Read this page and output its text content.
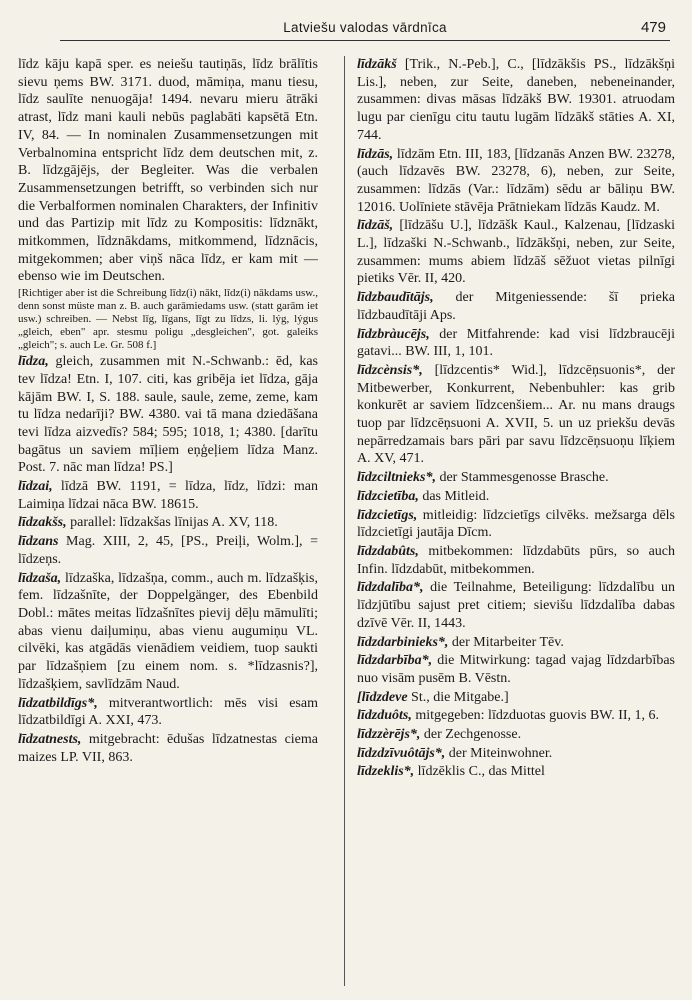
Latviešu valodas vārdnīca	479

līdz kāju kapā sper. es neiešu tautiņās, līdz brālītis sievu ņems BW. 3171. duod, māmiņa, manu tiesu, līdz saulīte nenuogāja! 1494. nevaru mieru ātrāki atrast, līdz mani kauli nebūs paglabāti kapsētā Etn. IV, 84. — In nominalen Zusammensetzungen mit Verbalnomina entspricht līdz dem deutschen mit, z. B. līdzgājējs, der Begleiter. Was die verbalen Zusammensetzungen betrifft, so verbinden sich nur die Verbalformen nominalen Charakters, der Infinitiv und das Partizip mit līdz zu Kompositis: līdznākt, mitkommen, līdznākdams, mitkommend, līdznācis, mitgekommen; aber viņš nāca līdz, er kam mit — ebenso wie im Deutschen.

[Richtiger aber ist die Schreibung līdz(i) nākt, līdz(i) nākdams usw., denn sonst müste man z. B. auch garāmiedams usw. (statt garām iet usw.) schreiben. — Nebst līg, līgans, līgt zu līdzs, li. lýg, lýgus „gleich, eben" apr. stesmu poligu „desgleichen", got. galeiks „gleich"; s. auch Le. Gr. 508 f.]

līdza, gleich, zusammen mit N.-Schwanb.: ēd, kas tev līdza! Etn. I, 107. citi, kas gribēja iet līdza, gāja kājām BW. I, S. 188. saule, saule, zeme, zeme, kam tu līdza nedarīji? BW. 4380. vai tā mana dziedāšana tevi līdza aizvedīs? 584; 595; 1018, 1; 4380. [darītu bagātus un saviem mīļiem eņģeļiem līdza Manz. Post. 7. nāc man līdza! PS.]

līdzai, līdzā BW. 1191, = līdza, līdz, līdzi: man Laimiņa līdzai nāca BW. 18615.

līdzakšs, parallel: līdzakšas līnijas A. XV, 118.

līdzans Mag. XIII, 2, 45, [PS., Preiļi, Wolm.], = līdzeņs.

līdzaša, līdzaška, līdzašņa, comm., auch m. līdzašķis, fem. līdzašnīte, der Doppelgänger, des Ebenbild Dobl.: mātes meitas līdzašnītes pievij dēļu māmulīti; abas vienu daiļumiņu, abas vienu augumiņu VL. cilvēki, kas atgādās vienādiem veidiem, tuop saukti par līdzašņiem [zu einem nom. s. *līdzasnis?], līdzašķiem, savlīdzām Naud.

līdzatbildīgs*, mitverantwortlich: mēs visi esam līdzatbildīgi A. XXI, 473.

līdzatnests, mitgebracht: ēdušas līdzatnestas ciema maizes LP. VII, 863.

līdzākš [Trik., N.-Peb.], C., [līdzākšis PS., līdzākšņi Lis.], neben, zur Seite, daneben, nebeneinander, zusammen: divas māsas līdzākš BW. 19301. atruodam lugu par cienīgu citu tautu lugām līdzākš stāties A. XI, 744.

līdzās, līdzām Etn. III, 183, [līdzanās Anzen BW. 23278, (auch līdzavēs BW. 23278, 6), neben, zur Seite, zusammen: līdzās (Var.: līdzām) sēdu ar bāliņu BW. 12016. Uolīniete stāvēja Prātniekam līdzās Kaudz. M.

līdzāš, [līdzāšu U.], līdzāšk Kaul., Kalzenau, [līdzaski L.], līdzaški N.-Schwanb., līdzākšņi, neben, zur Seite, zusammen: mums abiem līdzāš sēžuot vietas pilnīgi pietiks Vēr. II, 420.

līdzbaudītājs, der Mitgeniessende: šī prieka līdzbaudītāji Aps.

līdzbràucējs, der Mitfahrende: kad visi līdzbraucēji gatavi... BW. III, 1, 101.

līdzcènsis*, [līdzcentis* Wid.], līdzcēņsuonis*, der Mitbewerber, Konkurrent, Nebenbuhler: kas grib konkurēt ar saviem līdzcenšiem... Ar. nu mans draugs tuop par līdzcēņsuoni A. XVII, 5. un uz priekšu devās nepārredzamais bars pāri par savu līdzcēņsuoņu līķiem A. XV, 471.

līdzciltnieks*, der Stammesgenosse Brasche.

līdzcietība, das Mitleid.

līdzcietīgs, mitleidig: līdzcietīgs cilvēks. mežsarga dēls līdzcietīgi jautāja Dīcm.

līdzdabûts, mitbekommen: līdzdabūts pūrs, so auch Infin. līdzdabūt, mitbekommen.

līdzdalība*, die Teilnahme, Beteiligung: līdzdalību un līdzjūtību sajust pret citiem; sievišu līdzdalība dabas dzīvē Vēr. II, 1443.

līdzdarbinieks*, der Mitarbeiter Tēv.

līdzdarbība*, die Mitwirkung: tagad vajag līdzdarbības nuo visām pusēm B. Vēstn.

[līdzdeve St., die Mitgabe.]

līdzduôts, mitgegeben: līdzduotas guovis BW. II, 1, 6.

līdzzèrējs*, der Zechgenosse.

līdzdzīvuôtājs*, der Miteinwohner.

līdzeklis*, līdzēklis C., das Mittel
